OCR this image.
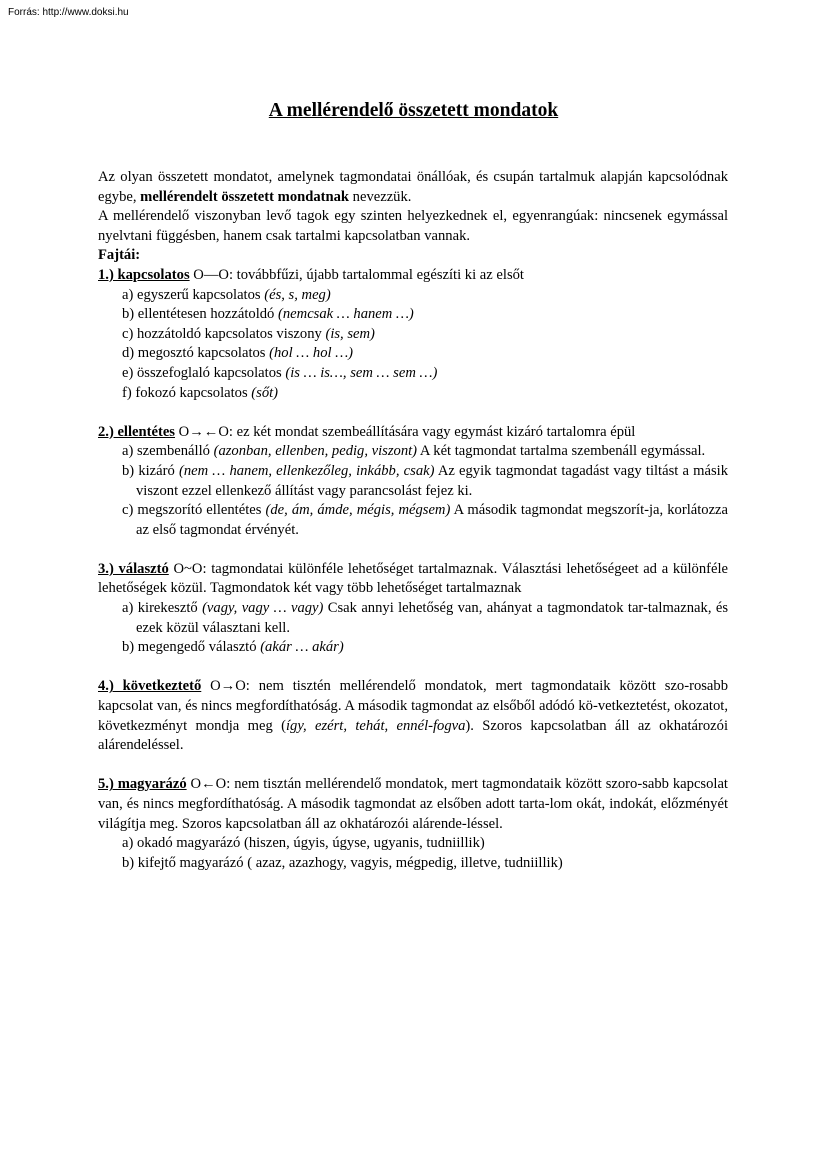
Forrás: http://www.doksi.hu
A mellérendelő összetett mondatok

Az olyan összetett mondatot, amelynek tagmondatai önállóak, és csupán tartalmuk alapján kapcsolódnak egybe, mellérendelt összetett mondatnak nevezzük.

A mellérendelő viszonyban levő tagok egy szinten helyezkednek el, egyenrangúak: nincsenek egymással nyelvtani függésben, hanem csak tartalmi kapcsolatban vannak.

Fajtái:

1.) kapcsolatos O—O: továbbfűzi, újabb tartalommal egészíti ki az elsőt

a) egyszerű kapcsolatos (és, s, meg)

b) ellentétesen hozzátoldó (nemcsak … hanem …)

c) hozzátoldó kapcsolatos viszony (is, sem)

d) megosztó kapcsolatos (hol … hol …)

e) összefoglaló kapcsolatos (is … is…, sem … sem …)

f) fokozó kapcsolatos (sőt)

2.) ellentétes O→←O: ez két mondat szembeállítására vagy egymást kizáró tartalomra épül

a) szembenálló (azonban, ellenben, pedig, viszont) A két tagmondat tartalma szembenáll egymással.

b) kizáró (nem … hanem, ellenkezőleg, inkább, csak) Az egyik tagmondat tagadást vagy tiltást a másik viszont ezzel ellenkező állítást vagy parancsolást fejez ki.

c) megszorító ellentétes (de, ám, ámde, mégis, mégsem) A második tagmondat megszorít-ja, korlátozza az első tagmondat érvényét.

3.) választó O~O: tagmondatai különféle lehetőséget tartalmaznak. Választási lehetőségeet ad a különféle lehetőségek közül. Tagmondatok két vagy több lehetőséget tartalmaznak

a) kirekesztő (vagy, vagy … vagy) Csak annyi lehetőség van, ahányat a tagmondatok tar-talmaznak, és ezek közül választani kell.

b) megengedő választó (akár … akár)

4.) következtető O→O: nem tisztén mellérendelő mondatok, mert tagmondataik között szo-rosabb kapcsolat van, és nincs megfordíthatóság. A második tagmondat az elsőből adódó kö-vetkeztetést, okozatot, következményt mondja meg (így, ezért, tehát, ennél-fogva). Szoros kapcsolatban áll az okhatározói alárendeléssel.

5.) magyarázó O←O: nem tisztán mellérendelő mondatok, mert tagmondataik között szoro-sabb kapcsolat van, és nincs megfordíthatóság. A második tagmondat az elsőben adott tarta-lom okát, indokát, előzményét világítja meg. Szoros kapcsolatban áll az okhatározói alárende-léssel.

a) okadó magyarázó (hiszen, úgyis, úgyse, ugyanis, tudniillik)

b) kifejtő magyarázó ( azaz, azazhogy, vagyis, mégpedig, illetve, tudniillik)
